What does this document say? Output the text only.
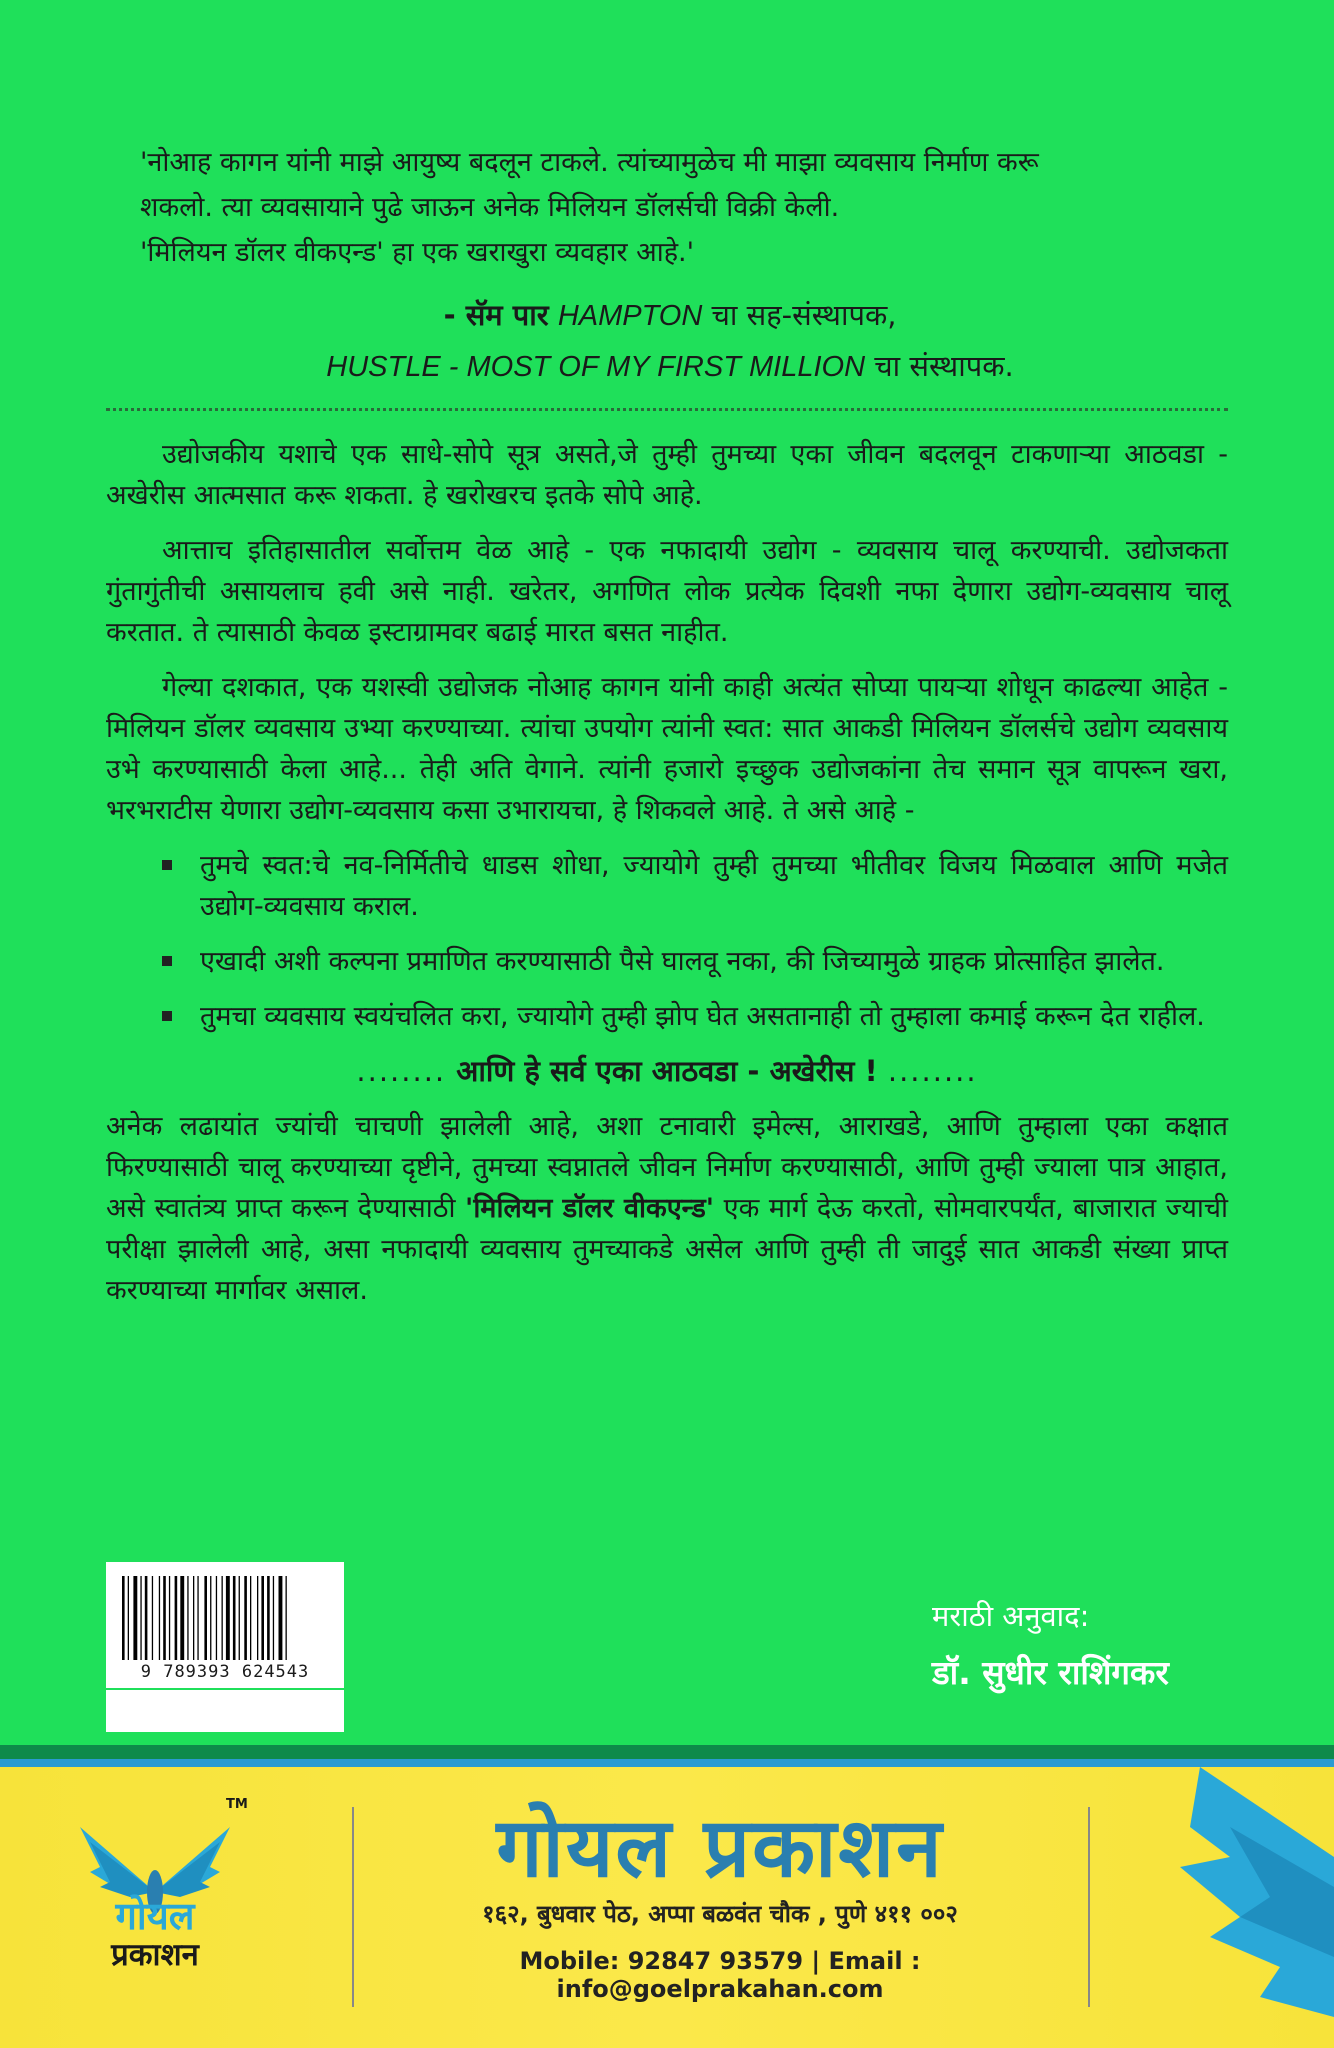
'नोआह कागन यांनी माझे आयुष्य बदलून टाकले. त्यांच्यामुळेच मी माझा व्यवसाय निर्माण करू

शकलो. त्या व्यवसायाने पुढे जाऊन अनेक मिलियन डॉलर्सची विक्री केली.

'मिलियन डॉलर वीकएन्ड' हा एक खराखुरा व्यवहार आहे.'

- सॅम पार HAMPTON चा सह-संस्थापक,
HUSTLE - MOST OF MY FIRST MILLION चा संस्थापक.

उद्योजकीय यशाचे एक साधे-सोपे सूत्र असते,जे तुम्ही तुमच्या एका जीवन बदलवून टाकणाऱ्या आठवडा - अखेरीस आत्मसात करू शकता. हे खरोखरच इतके सोपे आहे.

आत्ताच इतिहासातील सर्वोत्तम वेळ आहे - एक नफादायी उद्योग - व्यवसाय चालू करण्याची. उद्योजकता गुंतागुंतीची असायलाच हवी असे नाही. खरेतर, अगणित लोक प्रत्येक दिवशी नफा देणारा उद्योग-व्यवसाय चालू करतात. ते त्यासाठी केवळ इस्टाग्रामवर बढाई मारत बसत नाहीत.

गेल्या दशकात, एक यशस्वी उद्योजक नोआह कागन यांनी काही अत्यंत सोप्या पायऱ्या शोधून काढल्या आहेत - मिलियन डॉलर व्यवसाय उभ्या करण्याच्या. त्यांचा उपयोग त्यांनी स्वत: सात आकडी मिलियन डॉलर्सचे उद्योग व्यवसाय उभे करण्यासाठी केला आहे... तेही अति वेगाने. त्यांनी हजारो इच्छुक उद्योजकांना तेच समान सूत्र वापरून खरा, भरभराटीस येणारा उद्योग-व्यवसाय कसा उभारायचा, हे शिकवले आहे. ते असे आहे -

तुमचे स्वत:चे नव-निर्मितीचे धाडस शोधा, ज्यायोगे तुम्ही तुमच्या भीतीवर विजय मिळवाल आणि मजेत उद्योग-व्यवसाय कराल.
एखादी अशी कल्पना प्रमाणित करण्यासाठी पैसे घालवू नका, की जिच्यामुळे ग्राहक प्रोत्साहित झालेत.
तुमचा व्यवसाय स्वयंचलित करा, ज्यायोगे तुम्ही झोप घेत असतानाही तो तुम्हाला कमाई करून देत राहील.
........ आणि हे सर्व एका आठवडा - अखेरीस ! ........

अनेक लढायांत ज्यांची चाचणी झालेली आहे, अशा टनावारी इमेल्स, आराखडे, आणि तुम्हाला एका कक्षात फिरण्यासाठी चालू करण्याच्या दृष्टीने, तुमच्या स्वप्नातले जीवन निर्माण करण्यासाठी, आणि तुम्ही ज्याला पात्र आहात, असे स्वातंत्र्य प्राप्त करून देण्यासाठी 'मिलियन डॉलर वीकएन्ड' एक मार्ग देऊ करतो, सोमवारपर्यंत, बाजारात ज्याची परीक्षा झालेली आहे, असा नफादायी व्यवसाय तुमच्याकडे असेल आणि तुम्ही ती जादुई सात आकडी संख्या प्राप्त करण्याच्या मार्गावर असाल.

9 789393 624543
मराठी अनुवाद:
डॉ. सुधीर राशिंगकर
TM
गोयल
प्रकाशन
गोयल प्रकाशन
१६२, बुधवार पेठ, अप्पा बळवंत चौक , पुणे ४११ ००२
Mobile: 92847 93579 | Email : info@goelprakahan.com
